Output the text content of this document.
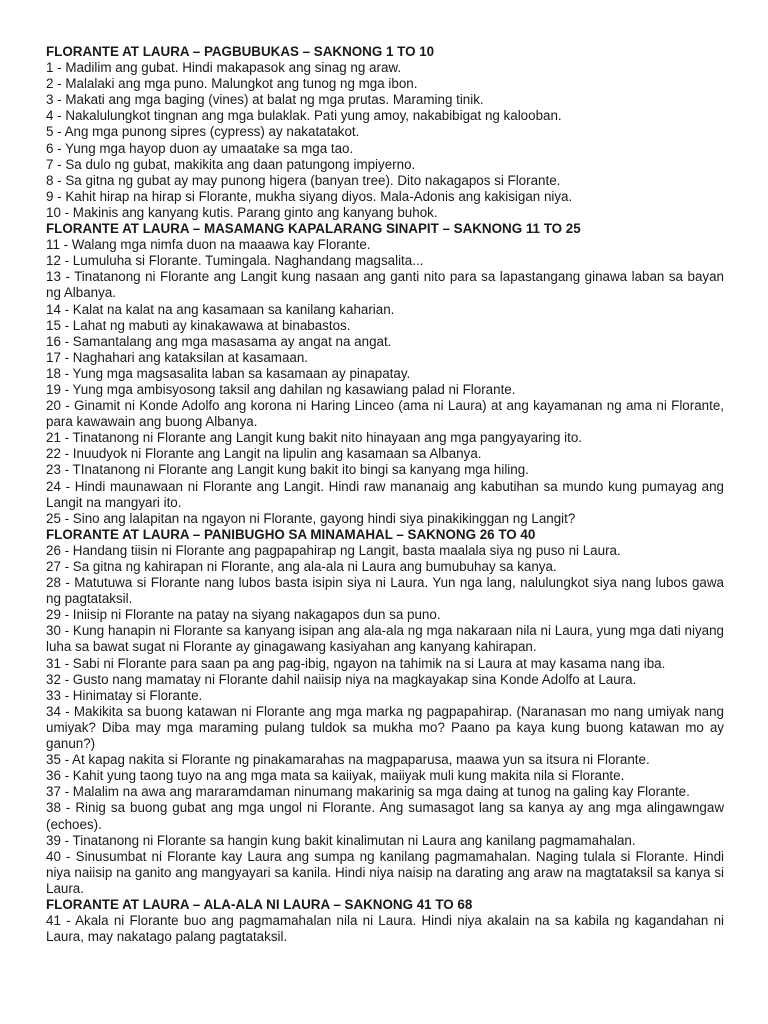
FLORANTE AT LAURA – PAGBUBUKAS – SAKNONG 1 TO 10

1 - Madilim ang gubat. Hindi makapasok ang sinag ng araw.

2 - Malalaki ang mga puno. Malungkot ang tunog ng mga ibon.

3 - Makati ang mga baging (vines) at balat ng mga prutas. Maraming tinik.

4 - Nakalulungkot tingnan ang mga bulaklak. Pati yung amoy, nakabibigat ng kalooban.

5 - Ang mga punong sipres (cypress) ay nakatatakot.

6 - Yung mga hayop duon ay umaatake sa mga tao.

7 - Sa dulo ng gubat, makikita ang daan patungong impiyerno.

8 - Sa gitna ng gubat ay may punong higera (banyan tree). Dito nakagapos si Florante.

9 - Kahit hirap na hirap si Florante, mukha siyang diyos. Mala-Adonis ang kakisigan niya.

10 - Makinis ang kanyang kutis. Parang ginto ang kanyang buhok.

FLORANTE AT LAURA – MASAMANG KAPALARANG SINAPIT – SAKNONG 11 TO 25

11 - Walang mga nimfa duon na maaawa kay Florante.

12 - Lumuluha si Florante. Tumingala. Naghandang magsalita...

13 - Tinatanong ni Florante ang Langit kung nasaan ang ganti nito para sa lapastangang ginawa laban sa bayan ng Albanya.

14 - Kalat na kalat na ang kasamaan sa kanilang kaharian.

15 - Lahat ng mabuti ay kinakawawa at binabastos.

16 - Samantalang ang mga masasama ay angat na angat.

17 - Naghahari ang kataksilan at kasamaan.

18 - Yung mga magsasalita laban sa kasamaan ay pinapatay.

19 - Yung mga ambisyosong taksil ang dahilan ng kasawiang palad ni Florante.

20 - Ginamit ni Konde Adolfo ang korona ni Haring Linceo (ama ni Laura) at ang kayamanan ng ama ni Florante, para kawawain ang buong Albanya.

21 - Tinatanong ni Florante ang Langit kung bakit nito hinayaan ang mga pangyayaring ito.

22 - Inuudyok ni Florante ang Langit na lipulin ang kasamaan sa Albanya.

23 - TInatanong ni Florante ang Langit kung bakit ito bingi sa kanyang mga hiling.

24 - Hindi maunawaan ni Florante ang Langit. Hindi raw mananaig ang kabutihan sa mundo kung pumayag ang Langit na mangyari ito.

25 - Sino ang lalapitan na ngayon ni Florante, gayong hindi siya pinakikinggan ng Langit?

FLORANTE AT LAURA – PANIBUGHO SA MINAMAHAL – SAKNONG 26 TO 40

26 - Handang tiisin ni Florante ang pagpapahirap ng Langit, basta maalala siya ng puso ni Laura.

27 - Sa gitna ng kahirapan ni Florante, ang ala-ala ni Laura ang bumubuhay sa kanya.

28 - Matutuwa si Florante nang lubos basta isipin siya ni Laura. Yun nga lang, nalulungkot siya nang lubos gawa ng pagtataksil.

29 - Iniisip ni Florante na patay na siyang nakagapos dun sa puno.

30 - Kung hanapin ni Florante sa kanyang isipan ang ala-ala ng mga nakaraan nila ni Laura, yung mga dati niyang luha sa bawat sugat ni Florante ay ginagawang kasiyahan ang kanyang kahirapan.

31 - Sabi ni Florante para saan pa ang pag-ibig, ngayon na tahimik na si Laura at may kasama nang iba.

32 - Gusto nang mamatay ni Florante dahil naiisip niya na magkayakap sina Konde Adolfo at Laura.

33 - Hinimatay si Florante.

34 - Makikita sa buong katawan ni Florante ang mga marka ng pagpapahirap. (Naranasan mo nang umiyak nang umiyak? Diba may mga maraming pulang tuldok sa mukha mo? Paano pa kaya kung buong katawan mo ay ganun?)

35 - At kapag nakita si Florante ng pinakamarahas na magpaparusa, maawa yun sa itsura ni Florante.

36 - Kahit yung taong tuyo na ang mga mata sa kaiiyak, maiiyak muli kung makita nila si Florante.

37 - Malalim na awa ang mararamdaman ninumang makarinig sa mga daing at tunog na galing kay Florante.

38 - Rinig sa buong gubat ang mga ungol ni Florante. Ang sumasagot lang sa kanya ay ang mga alingawngaw (echoes).

39 - Tinatanong ni Florante sa hangin kung bakit kinalimutan ni Laura ang kanilang pagmamahalan.

40 - Sinusumbat ni Florante kay Laura ang sumpa ng kanilang pagmamahalan. Naging tulala si Florante. Hindi niya naiisip na ganito ang mangyayari sa kanila. Hindi niya naisip na darating ang araw na magtataksil sa kanya si Laura.

FLORANTE AT LAURA – ALA-ALA NI LAURA – SAKNONG 41 TO 68

41 - Akala ni Florante buo ang pagmamahalan nila ni Laura. Hindi niya akalain na sa kabila ng kagandahan ni Laura, may nakatago palang pagtataksil.
